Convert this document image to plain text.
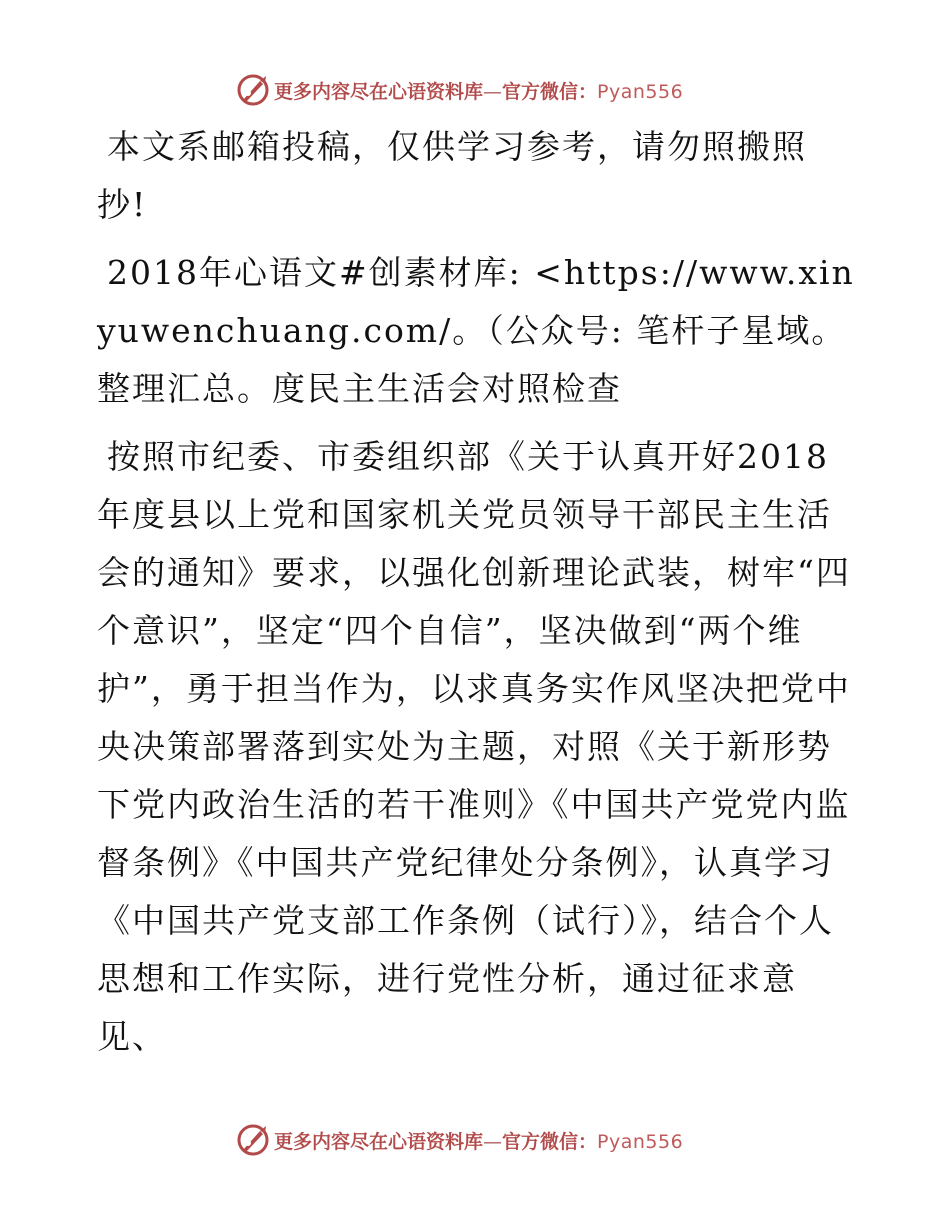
更多内容尽在心语资料库—官方微信：Pyan556

本文系邮箱投稿，仅供学习参考，请勿照搬照抄!

2018年心语文#创素材库: <https://www.xinyuwenchuang.com/。（公众号: 笔杆子星域。整理汇总。度民主生活会对照检查

按照市纪委、市委组织部《关于认真开好2018年度县以上党和国家机关党员领导干部民主生活会的通知》要求，以强化创新理论武装，树牢“四个意识”，坚定“四个自信”，坚决做到“两个维护”，勇于担当作为，以求真务实作风坚决把党中央决策部署落到实处为主题，对照《关于新形势下党内政治生活的若干准则》《中国共产党党内监督条例》《中国共产党纪律处分条例》，认真学习《中国共产党支部工作条例（试行）》，结合个人思想和工作实际，进行党性分析，通过征求意见、

更多内容尽在心语资料库—官方微信：Pyan556
